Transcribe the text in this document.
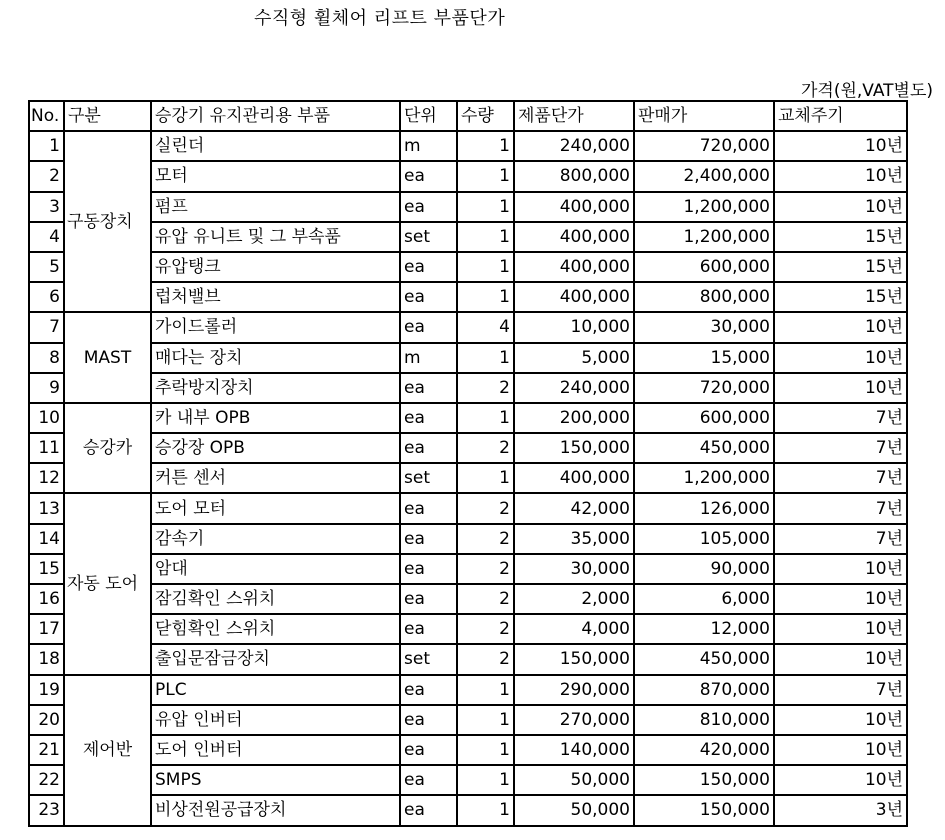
수직형 휠체어 리프트 부품단가
가격(원,VAT별도)
No.	구분	승강기 유지관리용 부품	단위	수량	제품단가	판매가	교체주기
1	구동장치	실린더	m	1	240,000	720,000	10년
2		모터	ea	1	800,000	2,400,000	10년
3		펌프	ea	1	400,000	1,200,000	10년
4		유압 유니트 및 그 부속품	set	1	400,000	1,200,000	15년
5		유압탱크	ea	1	400,000	600,000	15년
6		럽처밸브	ea	1	400,000	800,000	15년
7	MAST	가이드롤러	ea	4	10,000	30,000	10년
8		매다는 장치	m	1	5,000	15,000	10년
9		추락방지장치	ea	2	240,000	720,000	10년
10	승강카	카 내부 OPB	ea	1	200,000	600,000	7년
11		승강장 OPB	ea	2	150,000	450,000	7년
12		커튼 센서	set	1	400,000	1,200,000	7년
13	자동 도어	도어 모터	ea	2	42,000	126,000	7년
14		감속기	ea	2	35,000	105,000	7년
15		암대	ea	2	30,000	90,000	10년
16		잠김확인 스위치	ea	2	2,000	6,000	10년
17		닫힘확인 스위치	ea	2	4,000	12,000	10년
18		출입문잠금장치	set	2	150,000	450,000	10년
19	제어반	PLC	ea	1	290,000	870,000	7년
20		유압 인버터	ea	1	270,000	810,000	10년
21		도어 인버터	ea	1	140,000	420,000	10년
22		SMPS	ea	1	50,000	150,000	10년
23		비상전원공급장치	ea	1	50,000	150,000	3년
